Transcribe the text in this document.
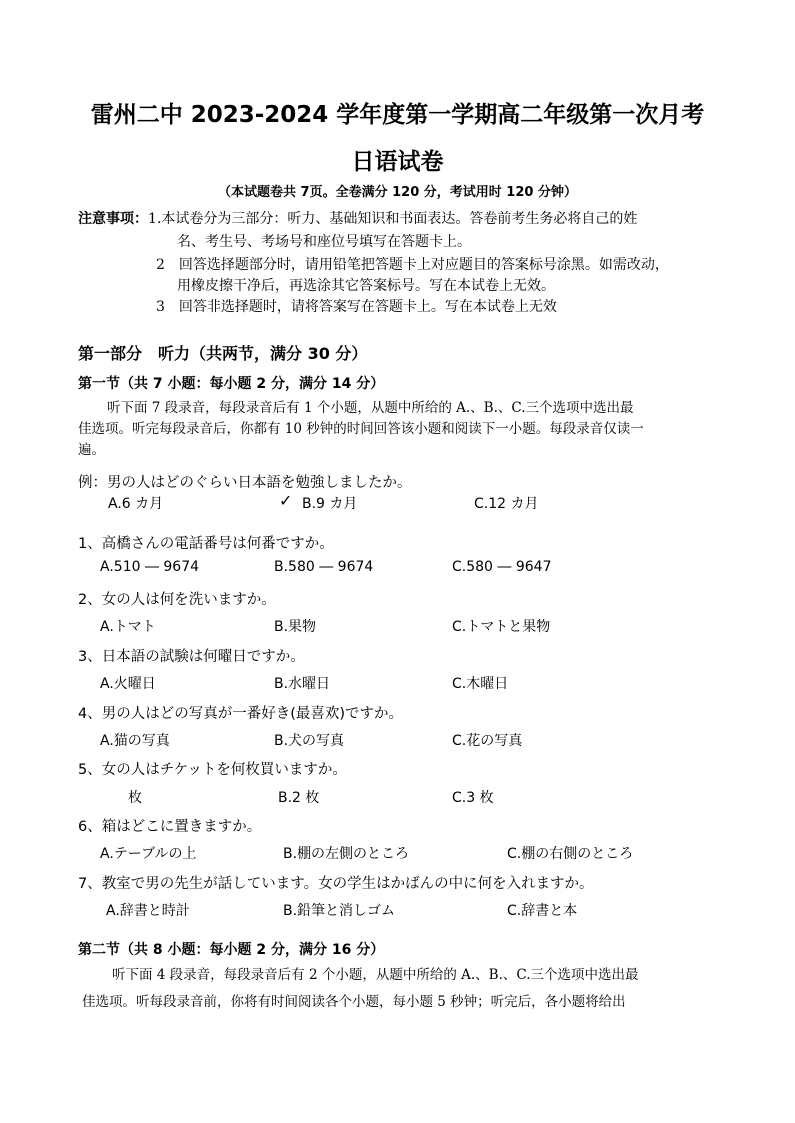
雷州二中 2023-2024 学年度第一学期高二年级第一次月考
日语试卷
（本试题卷共 7页。全卷满分 120 分，考试用时 120 分钟）
注意事项：1.本试卷分为三部分：听力、基础知识和书面表达。答卷前考生务必将自己的姓
名、考生号、考场号和座位号填写在答题卡上。
2　回答选择题部分时，请用铅笔把答题卡上对应题目的答案标号涂黑。如需改动，
用橡皮擦干净后，再选涂其它答案标号。写在本试卷上无效。
3　回答非选择题时，请将答案写在答题卡上。写在本试卷上无效
第一部分　听力（共两节，满分 30 分）
第一节（共 7 小题：每小题 2 分，满分 14 分）
听下面 7 段录音，每段录音后有 1 个小题，从题中所给的 A.、B.、C.三个选项中选出最
佳选项。听完每段录音后，你都有 10 秒钟的时间回答该小题和阅读下一小题。每段录音仅读一
遍。
例：男の人はどのぐらい日本語を勉強しましたか。
A.6 カ月	✓ B.9 カ月	C.12 カ月
1、高橋さんの電話番号は何番ですか。
A.510 ― 9674	B.580 ― 9674	C.580 ― 9647
2、女の人は何を洗いますか。
A.トマト	B.果物	C.トマトと果物
3、日本語の試験は何曜日ですか。
A.火曜日	B.水曜日	C.木曜日
4、男の人はどの写真が一番好き(最喜欢)ですか。
A.猫の写真	B.犬の写真	C.花の写真
5、女の人はチケットを何枚買いますか。
枚	B.2 枚	C.3 枚
6、箱はどこに置きますか。
A.テーブルの上	B.棚の左側のところ	C.棚の右側のところ
7、教室で男の先生が話しています。女の学生はかばんの中に何を入れますか。
A.辞書と時計	B.鉛筆と消しゴム	C.辞書と本
第二节（共 8 小题：每小题 2 分，满分 16 分）
听下面 4 段录音，每段录音后有 2 个小题，从题中所给的 A.、B.、C.三个选项中选出最
佳选项。听每段录音前，你将有时间阅读各个小题，每小题 5 秒钟；听完后，各小题将给出
